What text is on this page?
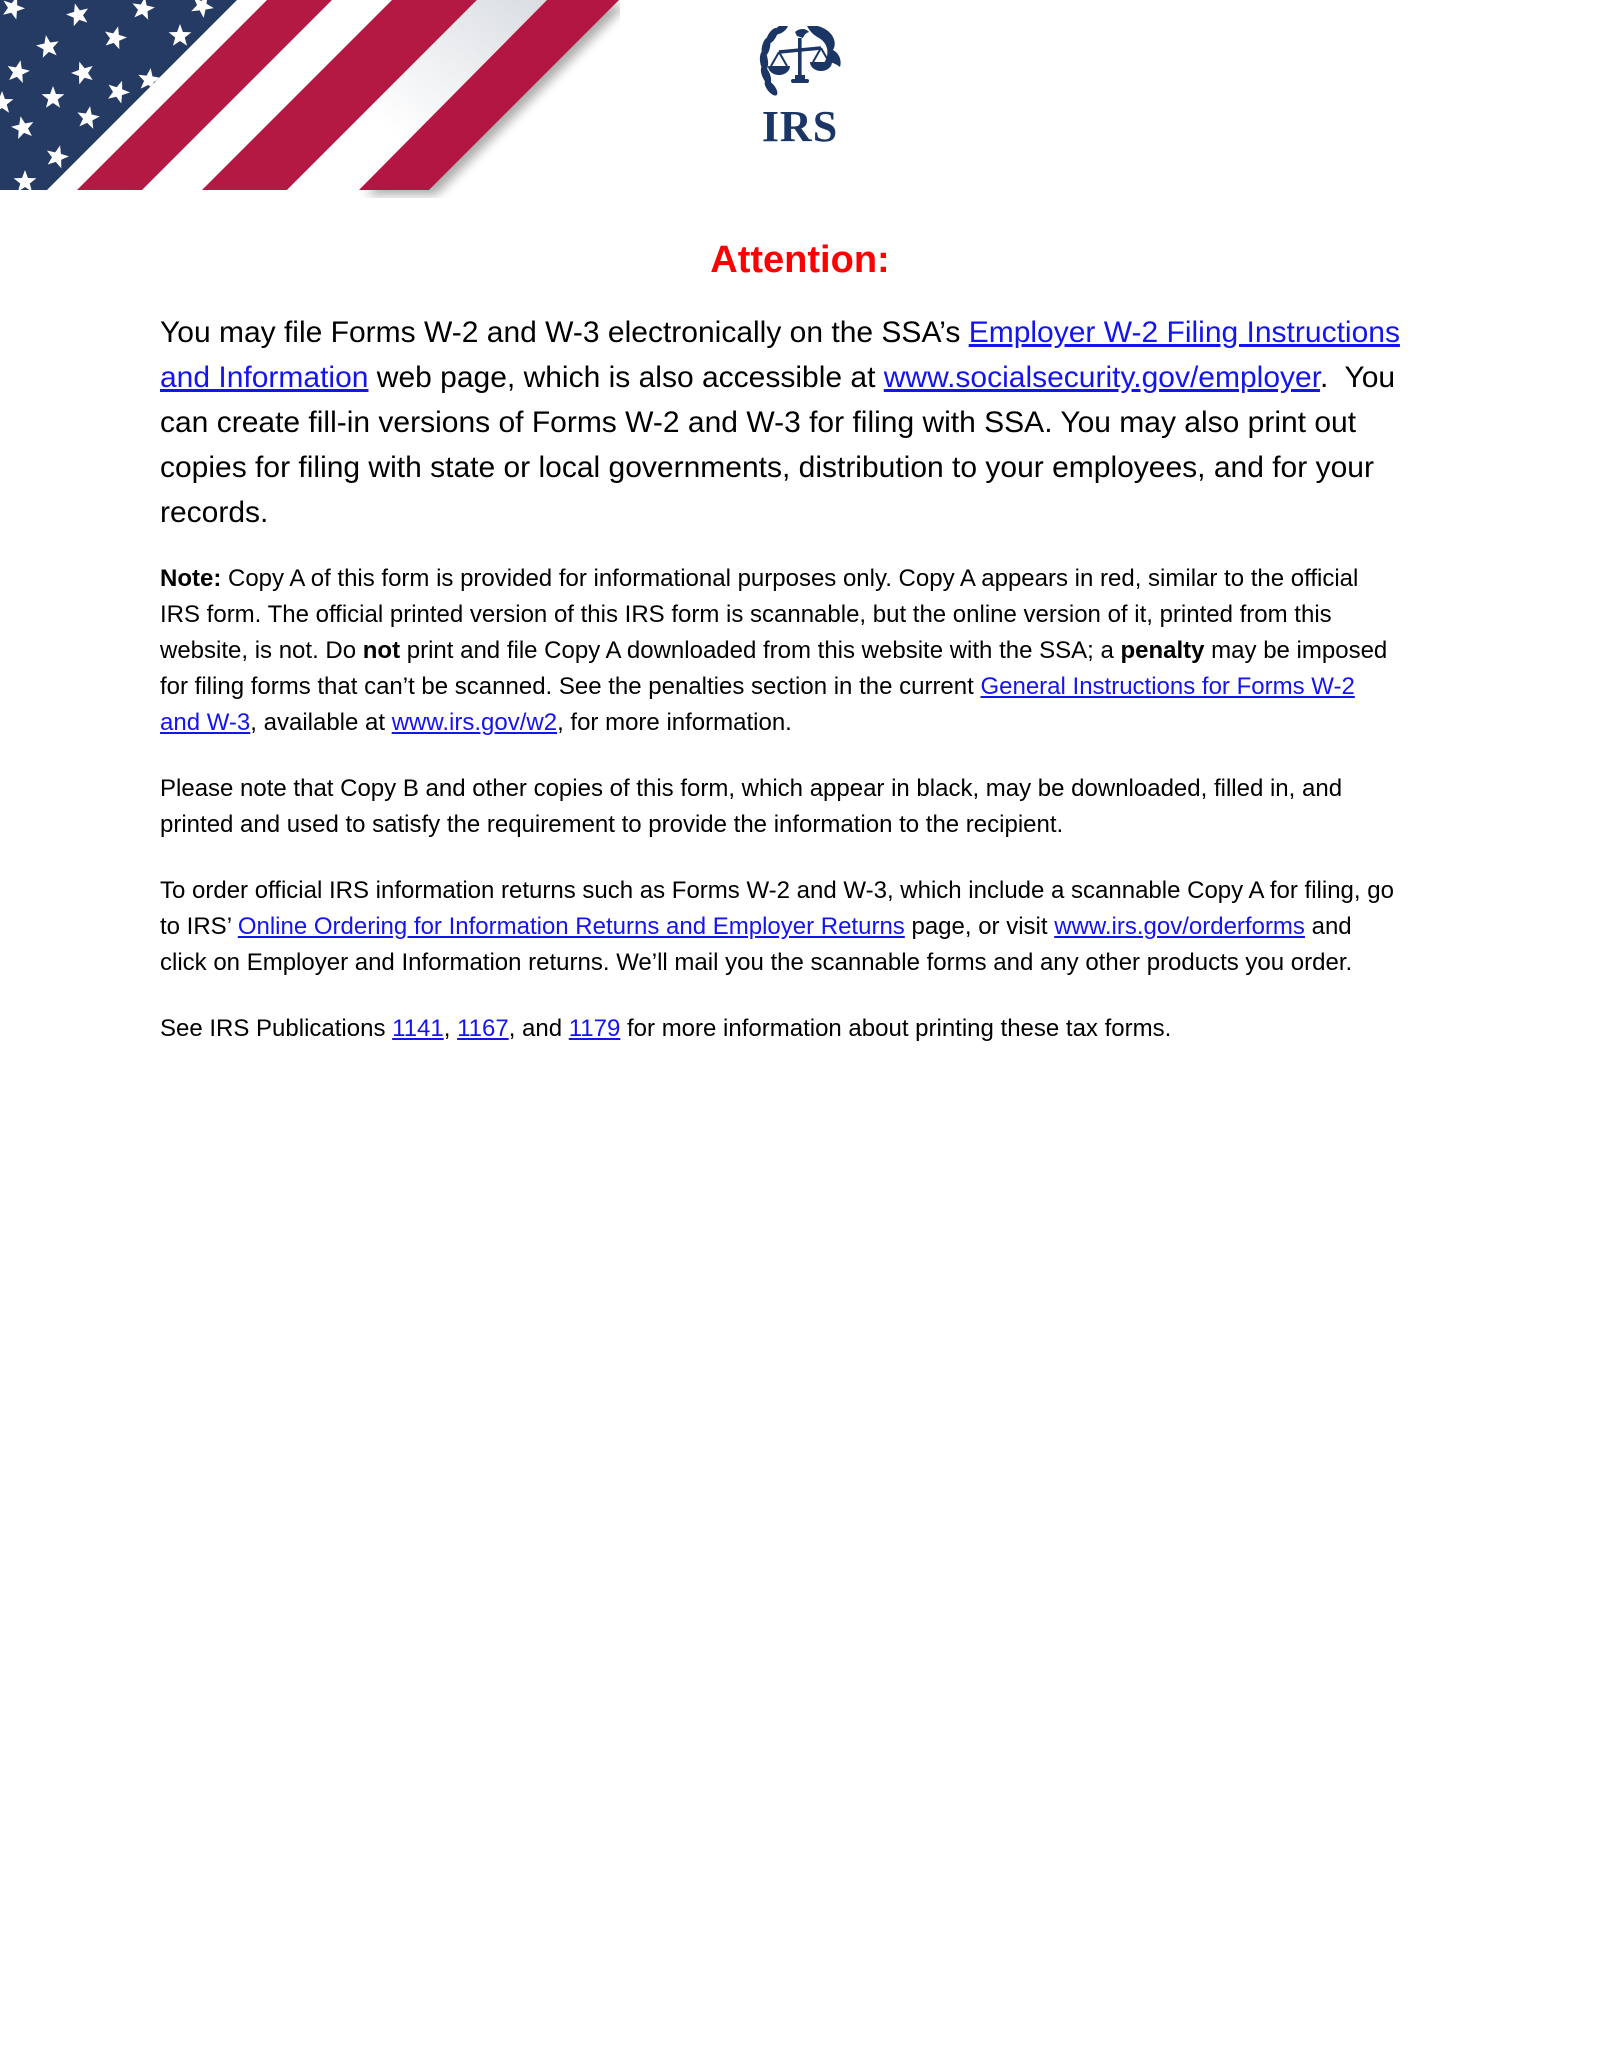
IRS
Attention:

You may file Forms W-2 and W-3 electronically on the SSA’s Employer W-2 Filing Instructions and Information web page, which is also accessible at www.socialsecurity.gov/employer.  You can create fill-in versions of Forms W-2 and W-3 for filing with SSA. You may also print out copies for filing with state or local governments, distribution to your employees, and for your records.

Note: Copy A of this form is provided for informational purposes only. Copy A appears in red, similar to the official IRS form. The official printed version of this IRS form is scannable, but the online version of it, printed from this website, is not. Do not print and file Copy A downloaded from this website with the SSA; a penalty may be imposed for filing forms that can’t be scanned. See the penalties section in the current General Instructions for Forms W-2 and W-3, available at www.irs.gov/w2, for more information.

Please note that Copy B and other copies of this form, which appear in black, may be downloaded, filled in, and printed and used to satisfy the requirement to provide the information to the recipient.

To order official IRS information returns such as Forms W-2 and W-3, which include a scannable Copy A for filing, go to IRS’ Online Ordering for Information Returns and Employer Returns page, or visit www.irs.gov/orderforms and click on Employer and Information returns. We’ll mail you the scannable forms and any other products you order.

See IRS Publications 1141, 1167, and 1179 for more information about printing these tax forms.
